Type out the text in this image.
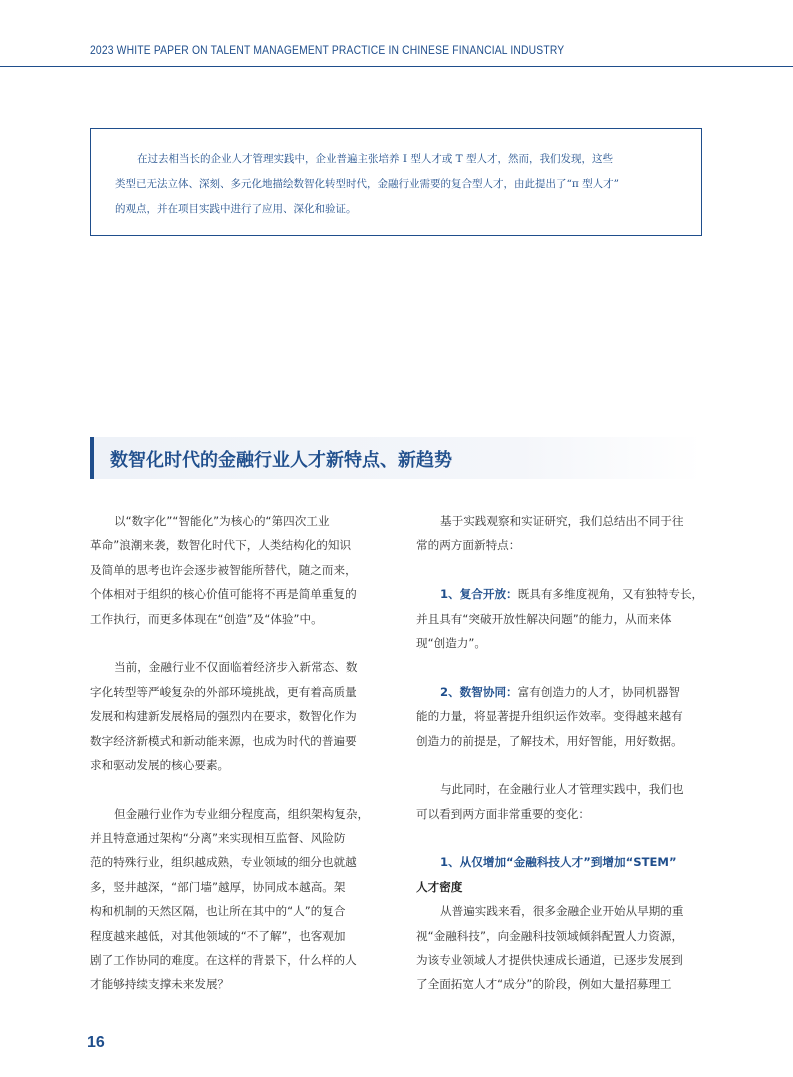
2023 WHITE PAPER ON TALENT MANAGEMENT PRACTICE IN CHINESE FINANCIAL INDUSTRY
在过去相当长的企业人才管理实践中，企业普遍主张培养 I 型人才或 T 型人才，然而，我们发现，这些
类型已无法立体、深刻、多元化地描绘数智化转型时代，金融行业需要的复合型人才，由此提出了“π 型人才”
的观点，并在项目实践中进行了应用、深化和验证。
数智化时代的金融行业人才新特点、新趋势
以“数字化”“智能化”为核心的“第四次工业
革命”浪潮来袭，数智化时代下，人类结构化的知识
及简单的思考也许会逐步被智能所替代，随之而来，
个体相对于组织的核心价值可能将不再是简单重复的
工作执行，而更多体现在“创造”及“体验”中。
当前，金融行业不仅面临着经济步入新常态、数
字化转型等严峻复杂的外部环境挑战，更有着高质量
发展和构建新发展格局的强烈内在要求，数智化作为
数字经济新模式和新动能来源，也成为时代的普遍要
求和驱动发展的核心要素。
但金融行业作为专业细分程度高，组织架构复杂，
并且特意通过架构“分离”来实现相互监督、风险防
范的特殊行业，组织越成熟，专业领域的细分也就越
多，竖井越深，“部门墙”越厚，协同成本越高。架
构和机制的天然区隔，也让所在其中的“人”的复合
程度越来越低，对其他领域的“不了解”，也客观加
剧了工作协同的难度。在这样的背景下，什么样的人
才能够持续支撑未来发展？
基于实践观察和实证研究，我们总结出不同于往
常的两方面新特点：
1、复合开放：既具有多维度视角，又有独特专长，
并且具有“突破开放性解决问题”的能力，从而来体
现“创造力”。
2、数智协同：富有创造力的人才，协同机器智
能的力量，将显著提升组织运作效率。变得越来越有
创造力的前提是，了解技术，用好智能，用好数据。
与此同时，在金融行业人才管理实践中，我们也
可以看到两方面非常重要的变化：
1、从仅增加“金融科技人才”到增加“STEM”
人才密度
从普遍实践来看，很多金融企业开始从早期的重
视“金融科技”，向金融科技领域倾斜配置人力资源，
为该专业领域人才提供快速成长通道，已逐步发展到
了全面拓宽人才“成分”的阶段，例如大量招募理工
16
